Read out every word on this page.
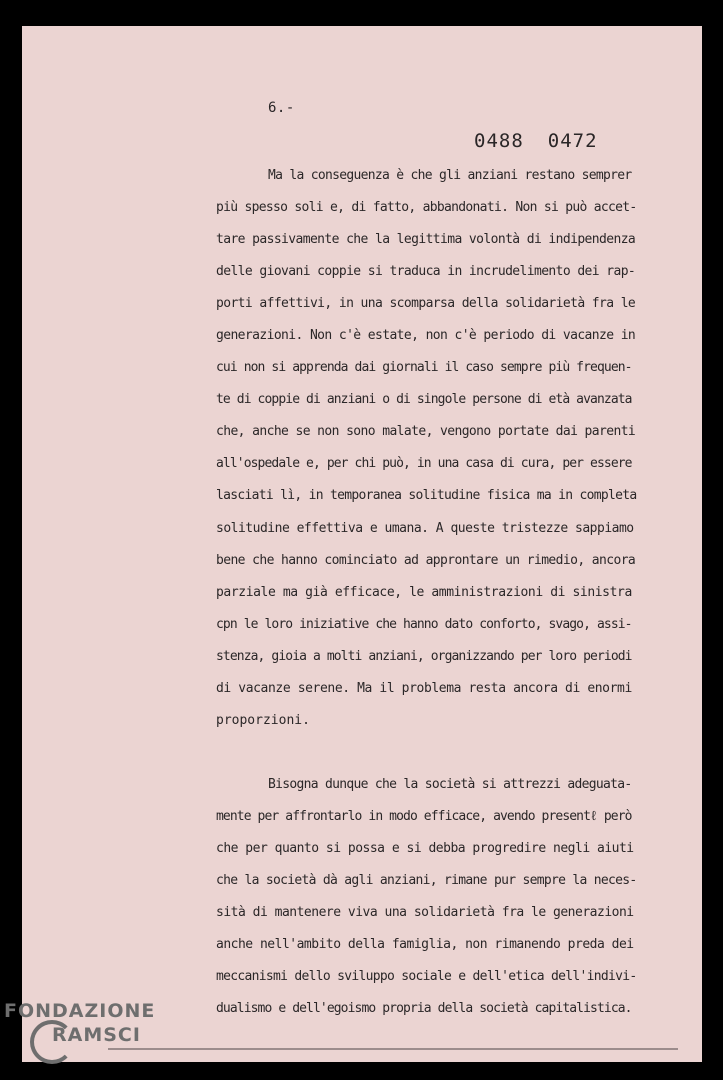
6.-
0488 0472
Ma la conseguenza è che gli anziani restano semprer
più spesso soli e, di fatto, abbandonati. Non si può accet-
tare passivamente che la legittima volontà di indipendenza
delle giovani coppie si traduca in incrudelimento dei rap-
porti affettivi, in una scomparsa della solidarietà fra le
generazioni. Non c'è estate, non c'è periodo di vacanze in
cui non si apprenda dai giornali il caso sempre più frequen-
te di coppie di anziani o di singole persone di età avanzata
che, anche se non sono malate, vengono portate dai parenti
all'ospedale e, per chi può, in una casa di cura, per essere
lasciati lì, in temporanea solitudine fisica ma in completa
solitudine effettiva e umana. A queste tristezze sappiamo
bene che hanno cominciato ad approntare un rimedio, ancora
parziale ma già efficace, le amministrazioni di sinistra
cpn le loro iniziative che hanno dato conforto, svago, assi-
stenza, gioia a molti anziani, organizzando per loro periodi
di vacanze serene. Ma il problema resta ancora di enormi
proporzioni.
Bisogna dunque che la società si attrezzi adeguata-
mente per affrontarlo in modo efficace, avendo presentℓ però
che per quanto si possa e si debba progredire negli aiuti
che la società dà agli anziani, rimane pur sempre la neces-
sità di mantenere viva una solidarietà fra le generazioni
anche nell'ambito della famiglia, non rimanendo preda dei
meccanismi dello sviluppo sociale e dell'etica dell'indivi-
dualismo e dell'egoismo propria della società capitalistica.
FONDAZIONE
RAMSCI
